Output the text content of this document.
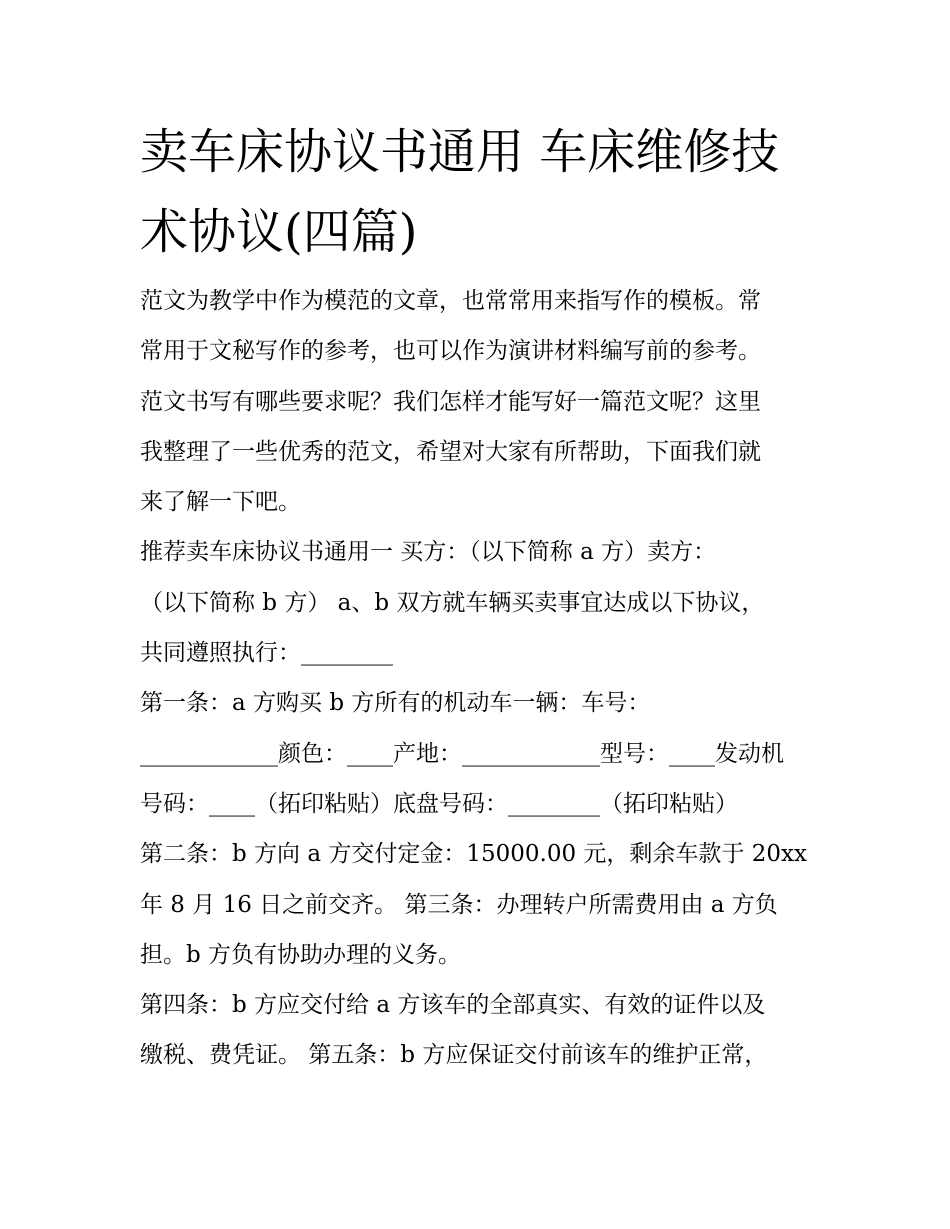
卖车床协议书通用 车床维修技
术协议(四篇)
范文为教学中作为模范的文章，也常常用来指写作的模板。常
常用于文秘写作的参考，也可以作为演讲材料编写前的参考。
范文书写有哪些要求呢？我们怎样才能写好一篇范文呢？这里
我整理了一些优秀的范文，希望对大家有所帮助，下面我们就
来了解一下吧。
推荐卖车床协议书通用一 买方：（以下简称 a 方）卖方：
（以下简称 b 方） a、b 双方就车辆买卖事宜达成以下协议，
共同遵照执行：________
第一条：a 方购买 b 方所有的机动车一辆：车号：
____________颜色：____产地：____________型号：____发动机
号码：____（拓印粘贴）底盘号码：________（拓印粘贴）
第二条：b 方向 a 方交付定金：15000.00 元，剩余车款于 20xx
年 8 月 16 日之前交齐。 第三条：办理转户所需费用由 a 方负
担。b 方负有协助办理的义务。
第四条：b 方应交付给 a 方该车的全部真实、有效的证件以及
缴税、费凭证。 第五条：b 方应保证交付前该车的维护正常，
